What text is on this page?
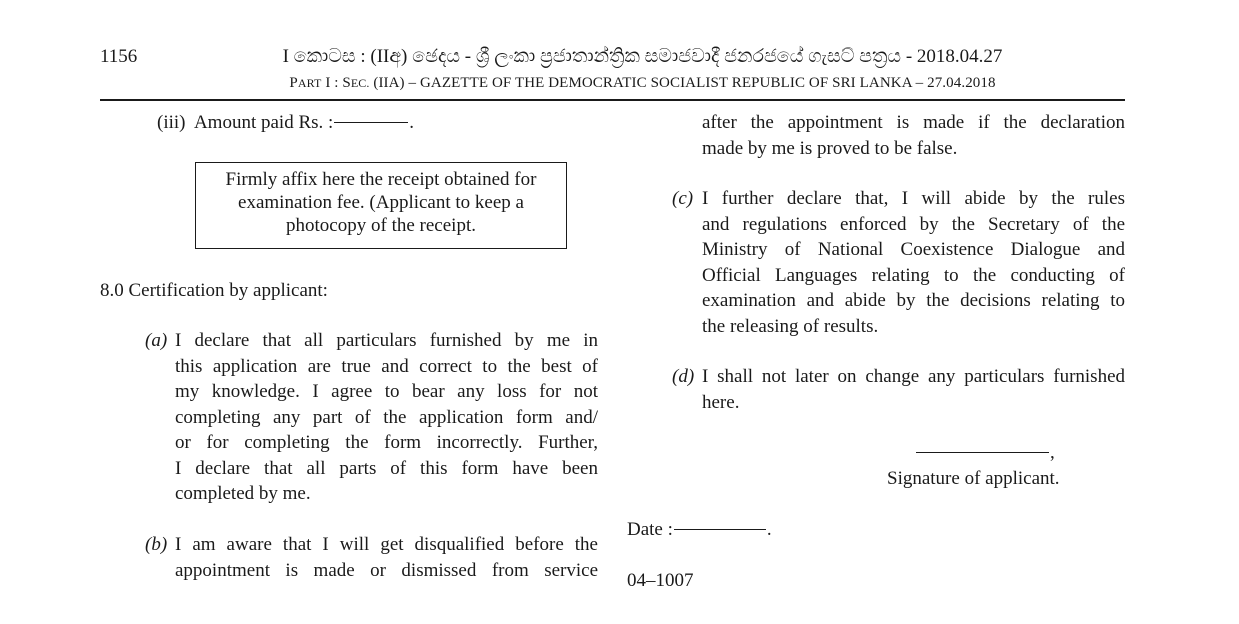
1156	I කොටස : (IIඅ) ඡෙදය - ශ්‍රී ලංකා ප්‍රජාතාන්ත්‍රික සමාජවාදී ජනරජයේ ගැසට් පත්‍රය - 2018.04.27
PART I : SEC. (IIA) – GAZETTE OF THE DEMOCRATIC SOCIALIST REPUBLIC OF SRI LANKA – 27.04.2018
(iii) Amount paid Rs. :	.
Firmly affix here the receipt obtained for
examination fee. (Applicant to keep a
photocopy of the receipt.
8.0 Certification by applicant:
(a) I declare that all particulars furnished by me in
this application are true and correct to the best of
my knowledge. I agree to bear any loss for not
completing any part of the application form and/
or for completing the form incorrectly. Further,
I declare that all parts of this form have been
completed by me.
(b) I am aware that I will get disqualified before the
appointment is made or dismissed from service
after the appointment is made if the declaration
made by me is proved to be false.
(c) I further declare that, I will abide by the rules
and regulations enforced by the Secretary of the
Ministry of National Coexistence Dialogue and
Official Languages relating to the conducting of
examination and abide by the decisions relating to
the releasing of results.
(d) I shall not later on change any particulars furnished
here.
,
Signature of applicant.
Date :	.
04–1007
